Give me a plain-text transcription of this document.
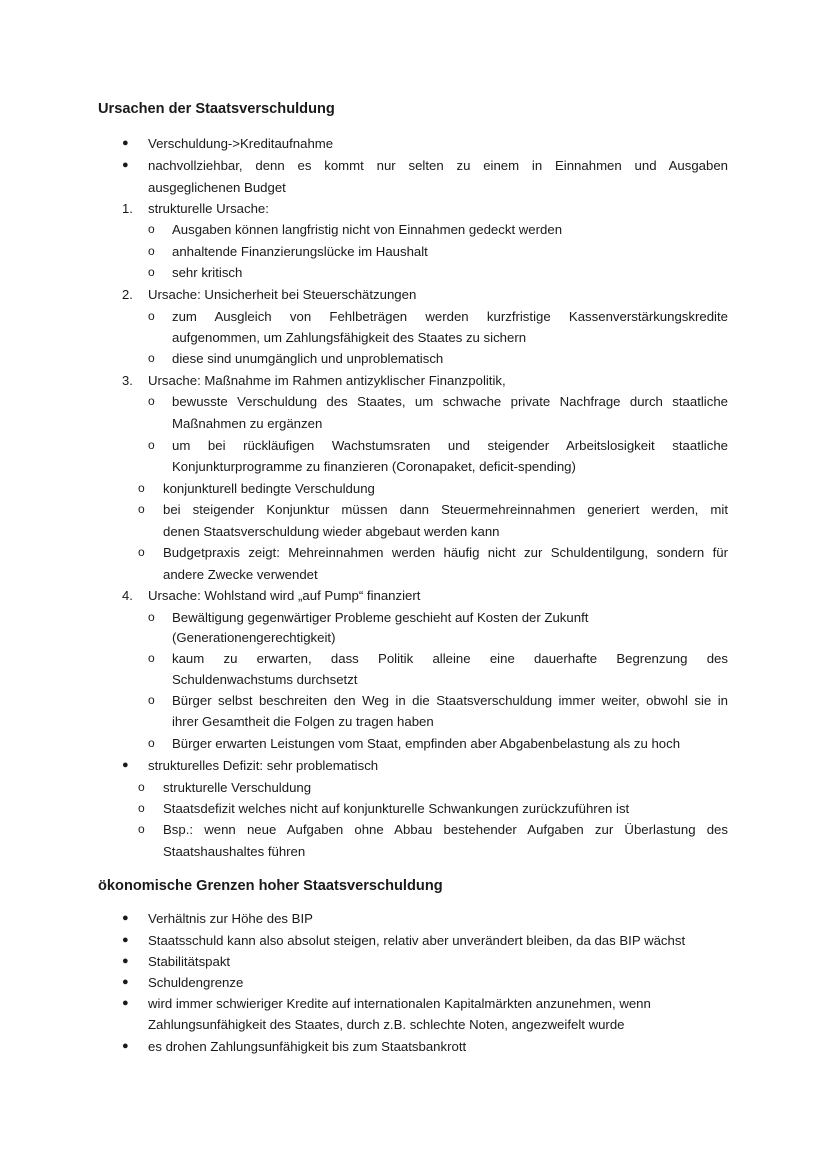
Ursachen der Staatsverschuldung
● Verschuldung->Kreditaufnahme
● nachvollziehbar, denn es kommt nur selten zu einem in Einnahmen und Ausgaben
ausgeglichenen Budget
1. strukturelle Ursache:
o Ausgaben können langfristig nicht von Einnahmen gedeckt werden
o anhaltende Finanzierungslücke im Haushalt
o sehr kritisch
2. Ursache: Unsicherheit bei Steuerschätzungen
o zum Ausgleich von Fehlbeträgen werden kurzfristige Kassenverstärkungskredite
aufgenommen, um Zahlungsfähigkeit des Staates zu sichern
o diese sind unumgänglich und unproblematisch
3. Ursache: Maßnahme im Rahmen antizyklischer Finanzpolitik,
o bewusste Verschuldung des Staates, um schwache private Nachfrage durch staatliche
Maßnahmen zu ergänzen
o um bei rückläufigen Wachstumsraten und steigender Arbeitslosigkeit staatliche
Konjunkturprogramme zu finanzieren (Coronapaket, deficit-spending)
o konjunkturell bedingte Verschuldung
o bei steigender Konjunktur müssen dann Steuermehreinnahmen generiert werden, mit
denen Staatsverschuldung wieder abgebaut werden kann
o Budgetpraxis zeigt: Mehreinnahmen werden häufig nicht zur Schuldentilgung, sondern für
andere Zwecke verwendet
4. Ursache: Wohlstand wird „auf Pump“ finanziert
o Bewältigung gegenwärtiger Probleme geschieht auf Kosten der Zukunft
(Generationengerechtigkeit)
o kaum zu erwarten, dass Politik alleine eine dauerhafte Begrenzung des
Schuldenwachstums durchsetzt
o Bürger selbst beschreiten den Weg in die Staatsverschuldung immer weiter, obwohl sie in
ihrer Gesamtheit die Folgen zu tragen haben
o Bürger erwarten Leistungen vom Staat, empfinden aber Abgabenbelastung als zu hoch
● strukturelles Defizit: sehr problematisch
o strukturelle Verschuldung
o Staatsdefizit welches nicht auf konjunkturelle Schwankungen zurückzuführen ist
o Bsp.: wenn neue Aufgaben ohne Abbau bestehender Aufgaben zur Überlastung des
Staatshaushaltes führen
ökonomische Grenzen hoher Staatsverschuldung
● Verhältnis zur Höhe des BIP
● Staatsschuld kann also absolut steigen, relativ aber unverändert bleiben, da das BIP wächst
● Stabilitätspakt
● Schuldengrenze
● wird immer schwieriger Kredite auf internationalen Kapitalmärkten anzunehmen, wenn
Zahlungsunfähigkeit des Staates, durch z.B. schlechte Noten, angezweifelt wurde
● es drohen Zahlungsunfähigkeit bis zum Staatsbankrott
